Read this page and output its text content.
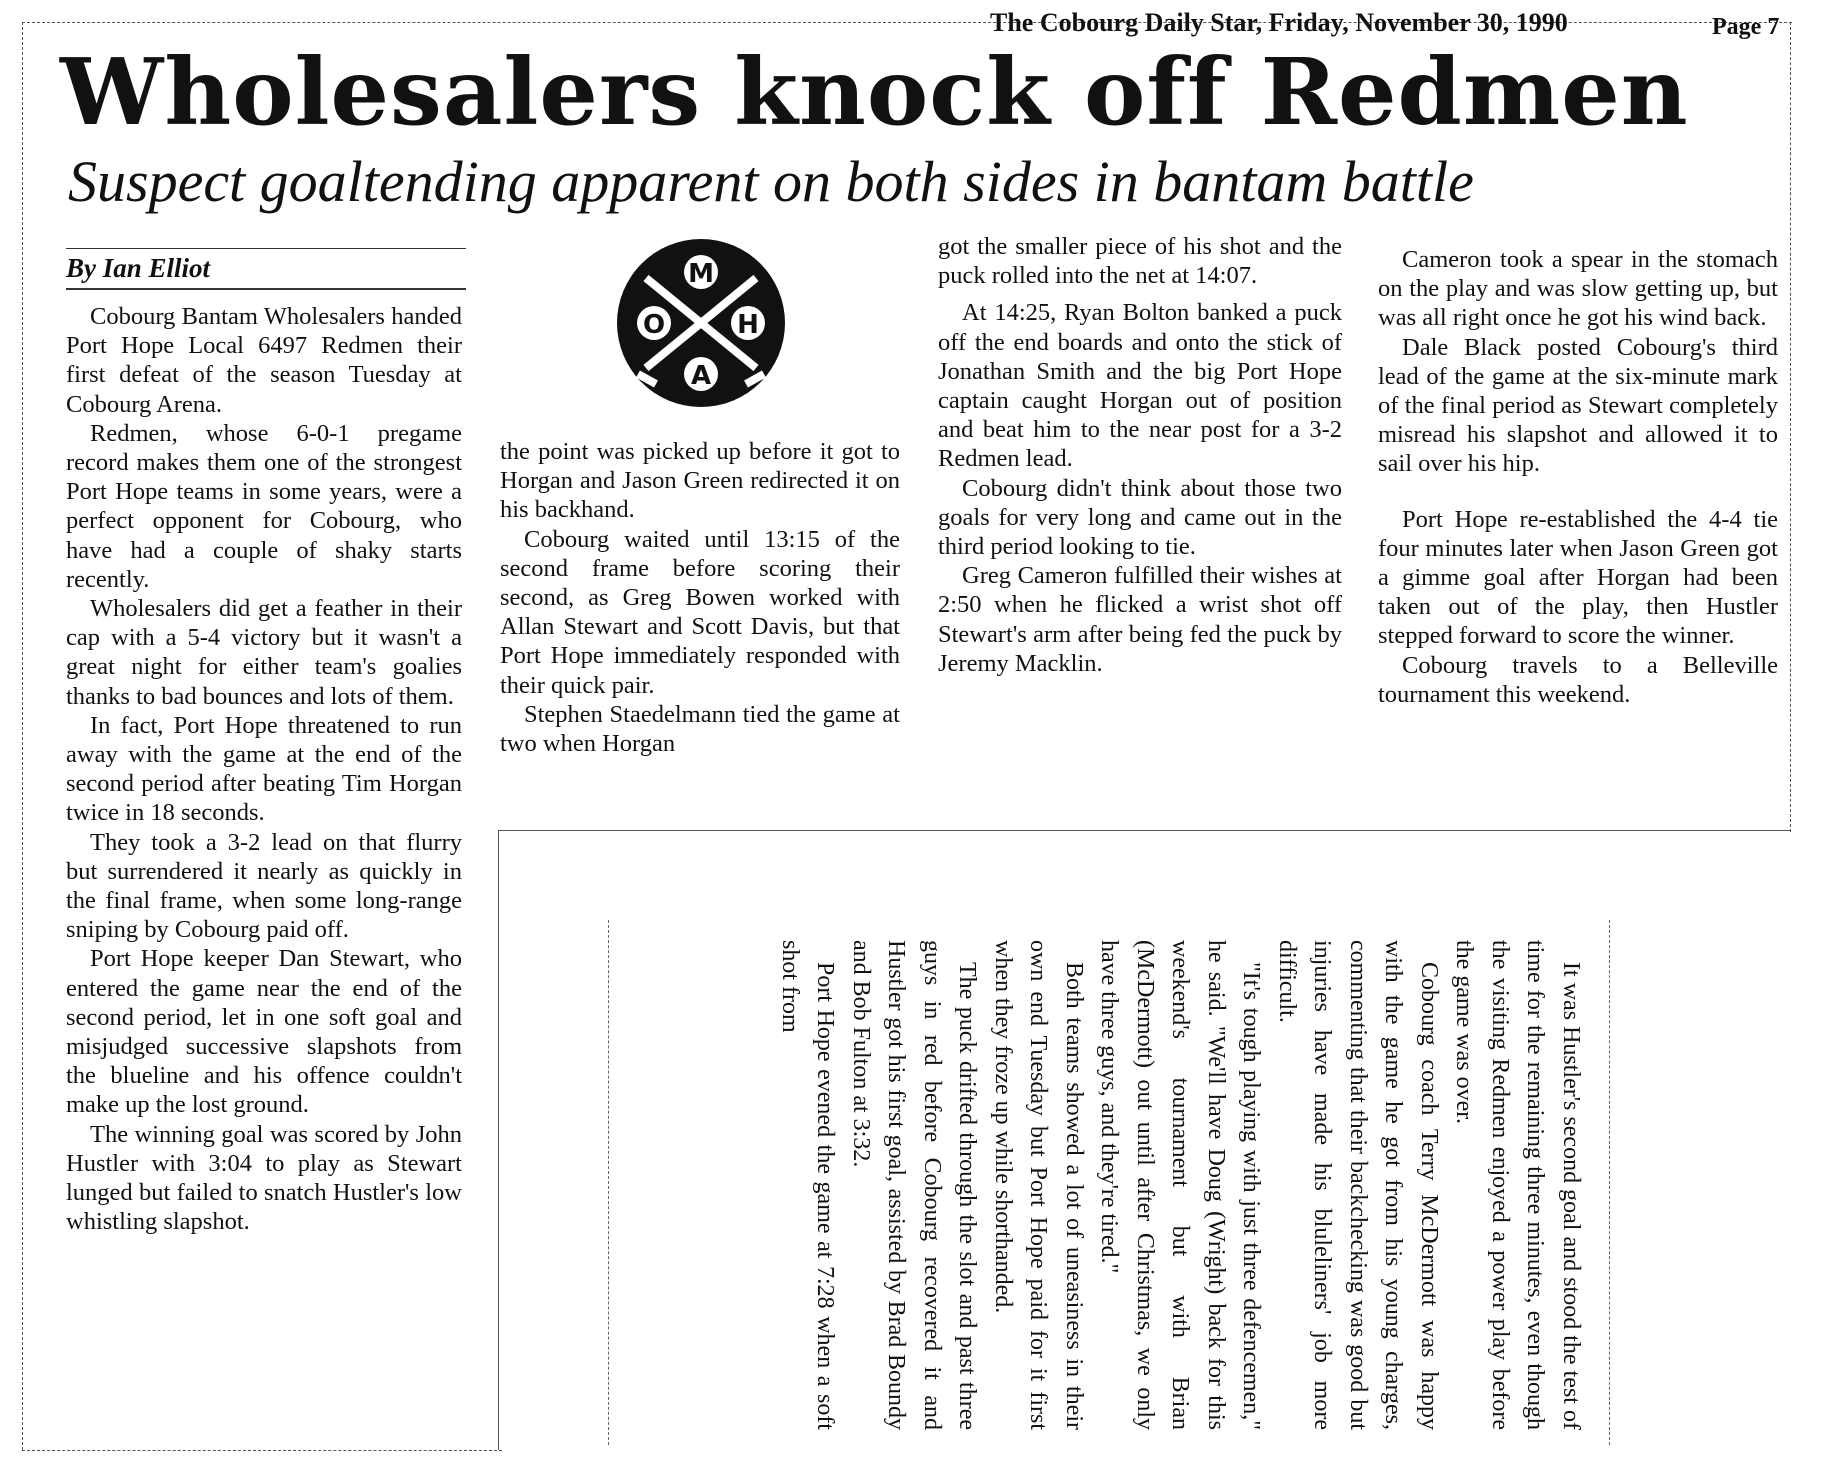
The Cobourg Daily Star, Friday, November 30, 1990	Page 7
Wholesalers knock off Redmen
Suspect goaltending apparent on both sides in bantam battle
By Ian Elliot

Cobourg Bantam Wholesalers handed Port Hope Local 6497 Redmen their first defeat of the season Tuesday at Cobourg Arena.

Redmen, whose 6-0-1 pregame record makes them one of the strongest Port Hope teams in some years, were a perfect opponent for Cobourg, who have had a couple of shaky starts recently.

Wholesalers did get a feather in their cap with a 5-4 victory but it wasn't a great night for either team's goalies thanks to bad bounces and lots of them.

In fact, Port Hope threatened to run away with the game at the end of the second period after beating Tim Horgan twice in 18 seconds.

They took a 3-2 lead on that flurry but surrendered it nearly as quickly in the final frame, when some long-range sniping by Cobourg paid off.

Port Hope keeper Dan Stewart, who entered the game near the end of the second period, let in one soft goal and misjudged successive slapshots from the blueline and his offence couldn't make up the lost ground.

The winning goal was scored by John Hustler with 3:04 to play as Stewart lunged but failed to snatch Hustler's low whistling slapshot.

M
O	H
A

the point was picked up before it got to Horgan and Jason Green redirected it on his backhand.

Cobourg waited until 13:15 of the second frame before scoring their second, as Greg Bowen worked with Allan Stewart and Scott Davis, but that Port Hope immediately responded with their quick pair.

Stephen Staedelmann tied the game at two when Horgan

got the smaller piece of his shot and the puck rolled into the net at 14:07.

At 14:25, Ryan Bolton banked a puck off the end boards and onto the stick of Jonathan Smith and the big Port Hope captain caught Horgan out of position and beat him to the near post for a 3-2 Redmen lead.

Cobourg didn't think about those two goals for very long and came out in the third period looking to tie.

Greg Cameron fulfilled their wishes at 2:50 when he flicked a wrist shot off Stewart's arm after being fed the puck by Jeremy Macklin.

Cameron took a spear in the stomach on the play and was slow getting up, but was all right once he got his wind back.

Dale Black posted Cobourg's third lead of the game at the six-minute mark of the final period as Stewart completely misread his slapshot and allowed it to sail over his hip.

Port Hope re-established the 4-4 tie four minutes later when Jason Green got a gimme goal after Horgan had been taken out of the play, then Hustler stepped forward to score the winner.

Cobourg travels to a Belleville tournament this weekend.

It was Hustler's second goal and stood the test of time for the remaining three minutes, even though the visiting Redmen enjoyed a power play before the game was over.

Cobourg coach Terry McDermott was happy with the game he got from his young charges, commenting that their backchecking was good but injuries have made his bluleliners' job more difficult.

"It's tough playing with just three defencemen," he said. "We'll have Doug (Wright) back for this weekend's tournament but with Brian (McDermott) out until after Christmas, we only have three guys, and they're tired."

Both teams showed a lot of uneasiness in their own end Tuesday but Port Hope paid for it first when they froze up while shorthanded.

The puck drifted through the slot and past three guys in red before Cobourg recovered it and Hustler got his first goal, assisted by Brad Boundy and Bob Fulton at 3:32.

Port Hope evened the game at 7:28 when a soft shot from
